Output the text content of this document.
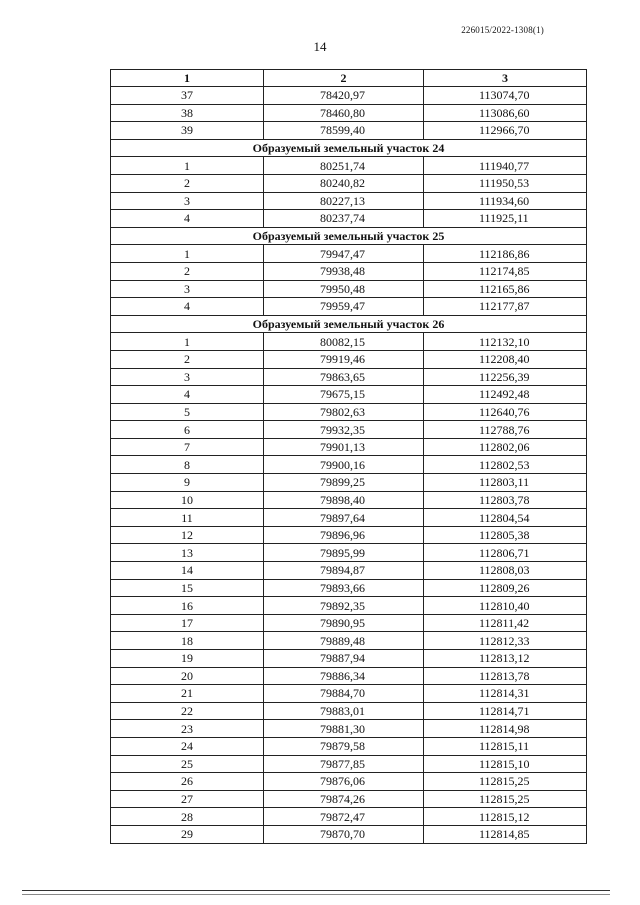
226015/2022-1308(1)
14
1	2	3
37	78420,97	113074,70
38	78460,80	113086,60
39	78599,40	112966,70
Образуемый земельный участок 24		
1	80251,74	111940,77
2	80240,82	111950,53
3	80227,13	111934,60
4	80237,74	111925,11
Образуемый земельный участок 25		
1	79947,47	112186,86
2	79938,48	112174,85
3	79950,48	112165,86
4	79959,47	112177,87
Образуемый земельный участок 26		
1	80082,15	112132,10
2	79919,46	112208,40
3	79863,65	112256,39
4	79675,15	112492,48
5	79802,63	112640,76
6	79932,35	112788,76
7	79901,13	112802,06
8	79900,16	112802,53
9	79899,25	112803,11
10	79898,40	112803,78
11	79897,64	112804,54
12	79896,96	112805,38
13	79895,99	112806,71
14	79894,87	112808,03
15	79893,66	112809,26
16	79892,35	112810,40
17	79890,95	112811,42
18	79889,48	112812,33
19	79887,94	112813,12
20	79886,34	112813,78
21	79884,70	112814,31
22	79883,01	112814,71
23	79881,30	112814,98
24	79879,58	112815,11
25	79877,85	112815,10
26	79876,06	112815,25
27	79874,26	112815,25
28	79872,47	112815,12
29	79870,70	112814,85
